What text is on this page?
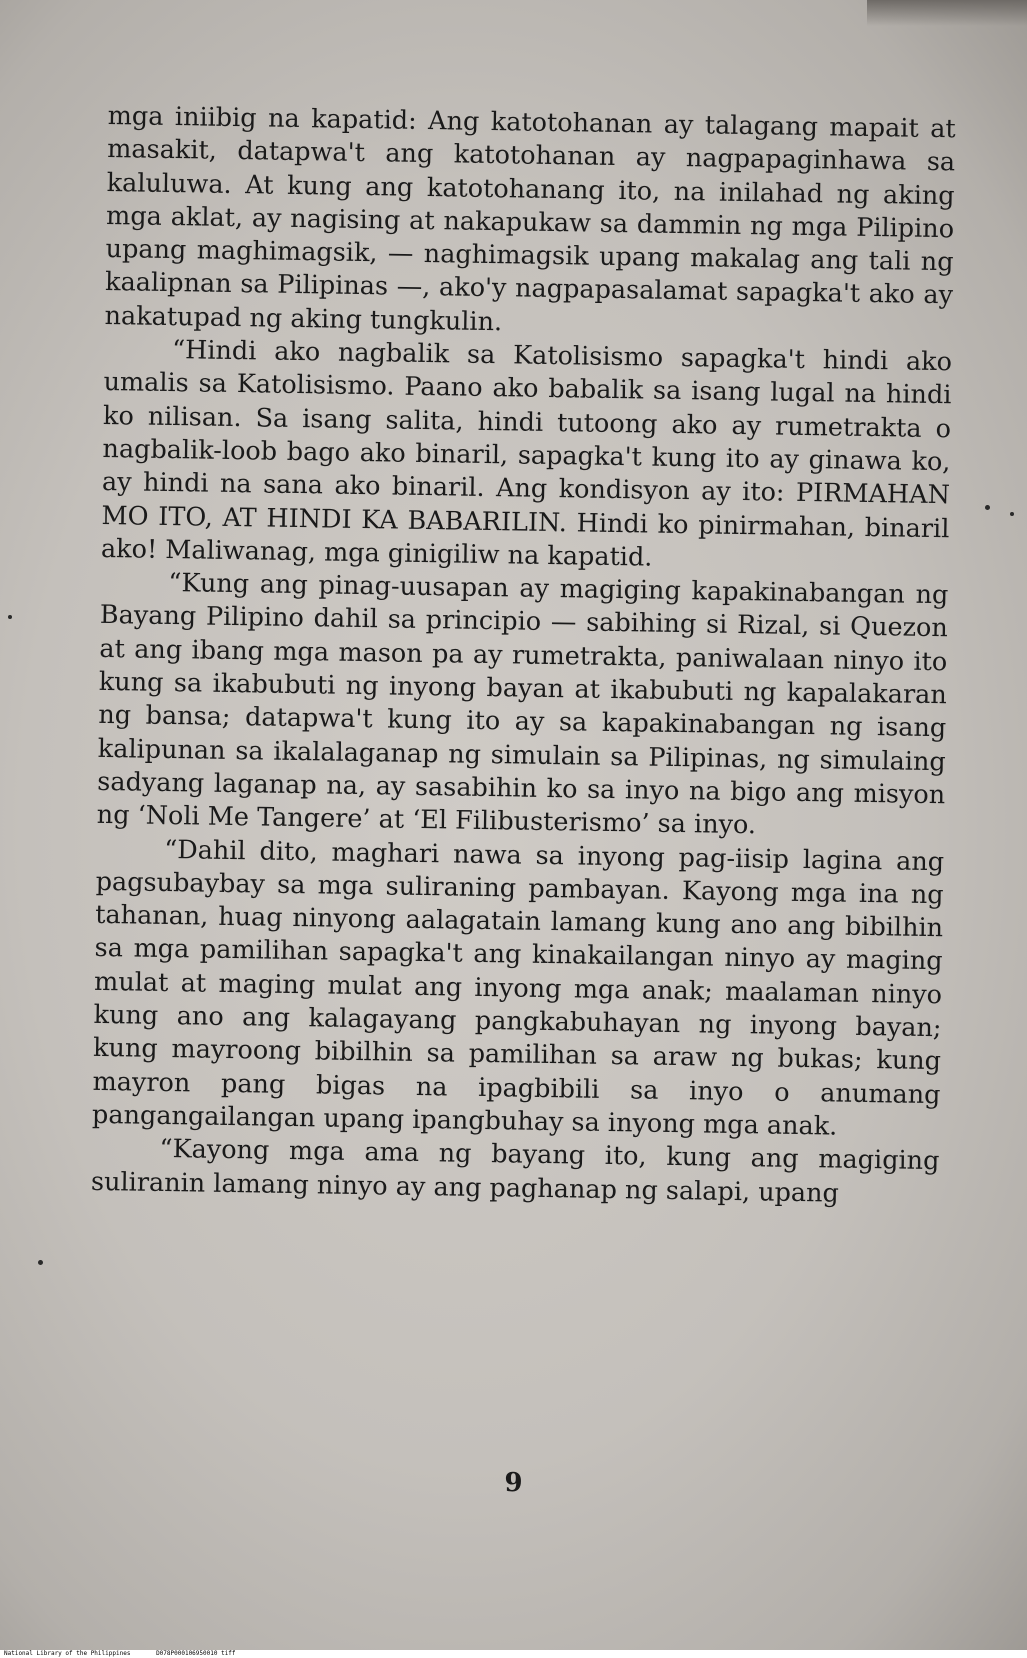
mga iniibig na kapatid: Ang katotohanan ay talagang mapait at masakit, datapwa't ang katotohanan ay nagpapaginhawa sa kaluluwa. At kung ang katotohanang ito, na inilahad ng aking mga aklat, ay nagising at nakapukaw sa dammin ng mga Pilipino upang maghimagsik, — naghimagsik upang makalag ang tali ng kaalipnan sa Pilipinas —, ako'y nagpapasalamat sapagka't ako ay nakatupad ng aking tungkulin.

“Hindi ako nagbalik sa Katolisismo sapagka't hindi ako umalis sa Katolisismo. Paano ako babalik sa isang lugal na hindi ko nilisan. Sa isang salita, hindi tutoong ako ay rumetrakta o nagbalik-loob bago ako binaril, sapagka't kung ito ay ginawa ko, ay hindi na sana ako binaril. Ang kondisyon ay ito: PIRMAHAN MO ITO, AT HINDI KA BABARILIN. Hindi ko pinirmahan, binaril ako! Maliwanag, mga ginigiliw na kapatid.

“Kung ang pinag-uusapan ay magiging kapakinabangan ng Bayang Pilipino dahil sa principio — sabihing si Rizal, si Quezon at ang ibang mga mason pa ay rumetrakta, paniwalaan ninyo ito kung sa ikabubuti ng inyong bayan at ikabubuti ng kapalakaran ng bansa; datapwa't kung ito ay sa kapakinabangan ng isang kalipunan sa ikalalaganap ng simulain sa Pilipinas, ng simulaing sadyang laganap na, ay sasabihin ko sa inyo na bigo ang misyon ng ‘Noli Me Tangere’ at ‘El Filibusterismo’ sa inyo.

“Dahil dito, maghari nawa sa inyong pag-iisip lagina ang pagsubaybay sa mga suliraning pambayan. Kayong mga ina ng tahanan, huag ninyong aalagatain lamang kung ano ang bibilhin sa mga pamilihan sapagka't ang kinakailangan ninyo ay maging mulat at maging mulat ang inyong mga anak; maalaman ninyo kung ano ang kalagayang pangkabuhayan ng inyong bayan; kung mayroong bibilhin sa pamilihan sa araw ng bukas; kung mayron pang bigas na ipagbibili sa inyo o anumang pangangailangan upang ipangbuhay sa inyong mga anak.

“Kayong mga ama ng bayang ito, kung ang magiging suliranin lamang ninyo ay ang paghanap ng salapi, upang

9
National Library of the Philippines	D078P000106950010 tiff
